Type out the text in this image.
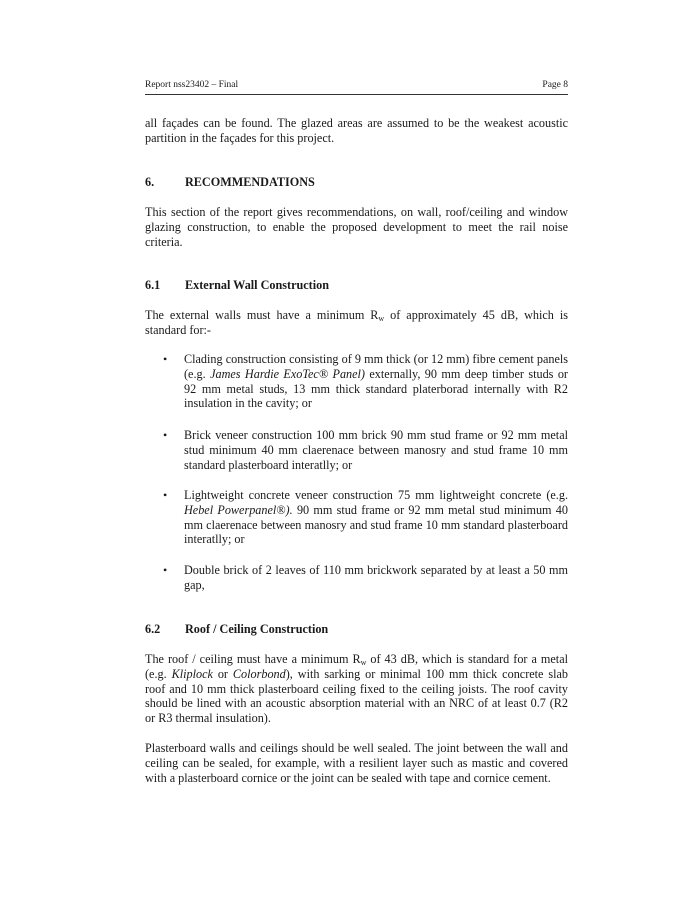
Report nss23402 – Final	Page 8
all façades can be found. The glazed areas are assumed to be the weakest acoustic partition in the façades for this project.
6.	RECOMMENDATIONS
This section of the report gives recommendations, on wall, roof/ceiling and window glazing construction, to enable the proposed development to meet the rail noise criteria.
6.1 External Wall Construction
The external walls must have a minimum $R_w$ of approximately 45 dB, which is standard for:-
• Clading construction consisting of 9 mm thick (or 12 mm) fibre cement panels (e.g. James Hardie ExoTec® Panel) externally, 90 mm deep timber studs or 92 mm metal studs, 13 mm thick standard platerborad internally with R2 insulation in the cavity; or
• Brick veneer construction 100 mm brick 90 mm stud frame or 92 mm metal stud minimum 40 mm claerenace between manosry and stud frame 10 mm standard plasterboard interatlly; or
• Lightweight concrete veneer construction 75 mm lightweight concrete (e.g. Hebel Powerpanel®). 90 mm stud frame or 92 mm metal stud minimum 40 mm claerenace between manosry and stud frame 10 mm standard plasterboard interatlly; or
• Double brick of 2 leaves of 110 mm brickwork separated by at least a 50 mm gap,
6.2 Roof / Ceiling Construction
The roof / ceiling must have a minimum $R_w$ of 43 dB, which is standard for a metal (e.g. Kliplock or Colorbond), with sarking or minimal 100 mm thick concrete slab roof and 10 mm thick plasterboard ceiling fixed to the ceiling joists. The roof cavity should be lined with an acoustic absorption material with an NRC of at least 0.7 (R2 or R3 thermal insulation).
Plasterboard walls and ceilings should be well sealed. The joint between the wall and ceiling can be sealed, for example, with a resilient layer such as mastic and covered with a plasterboard cornice or the joint can be sealed with tape and cornice cement.
